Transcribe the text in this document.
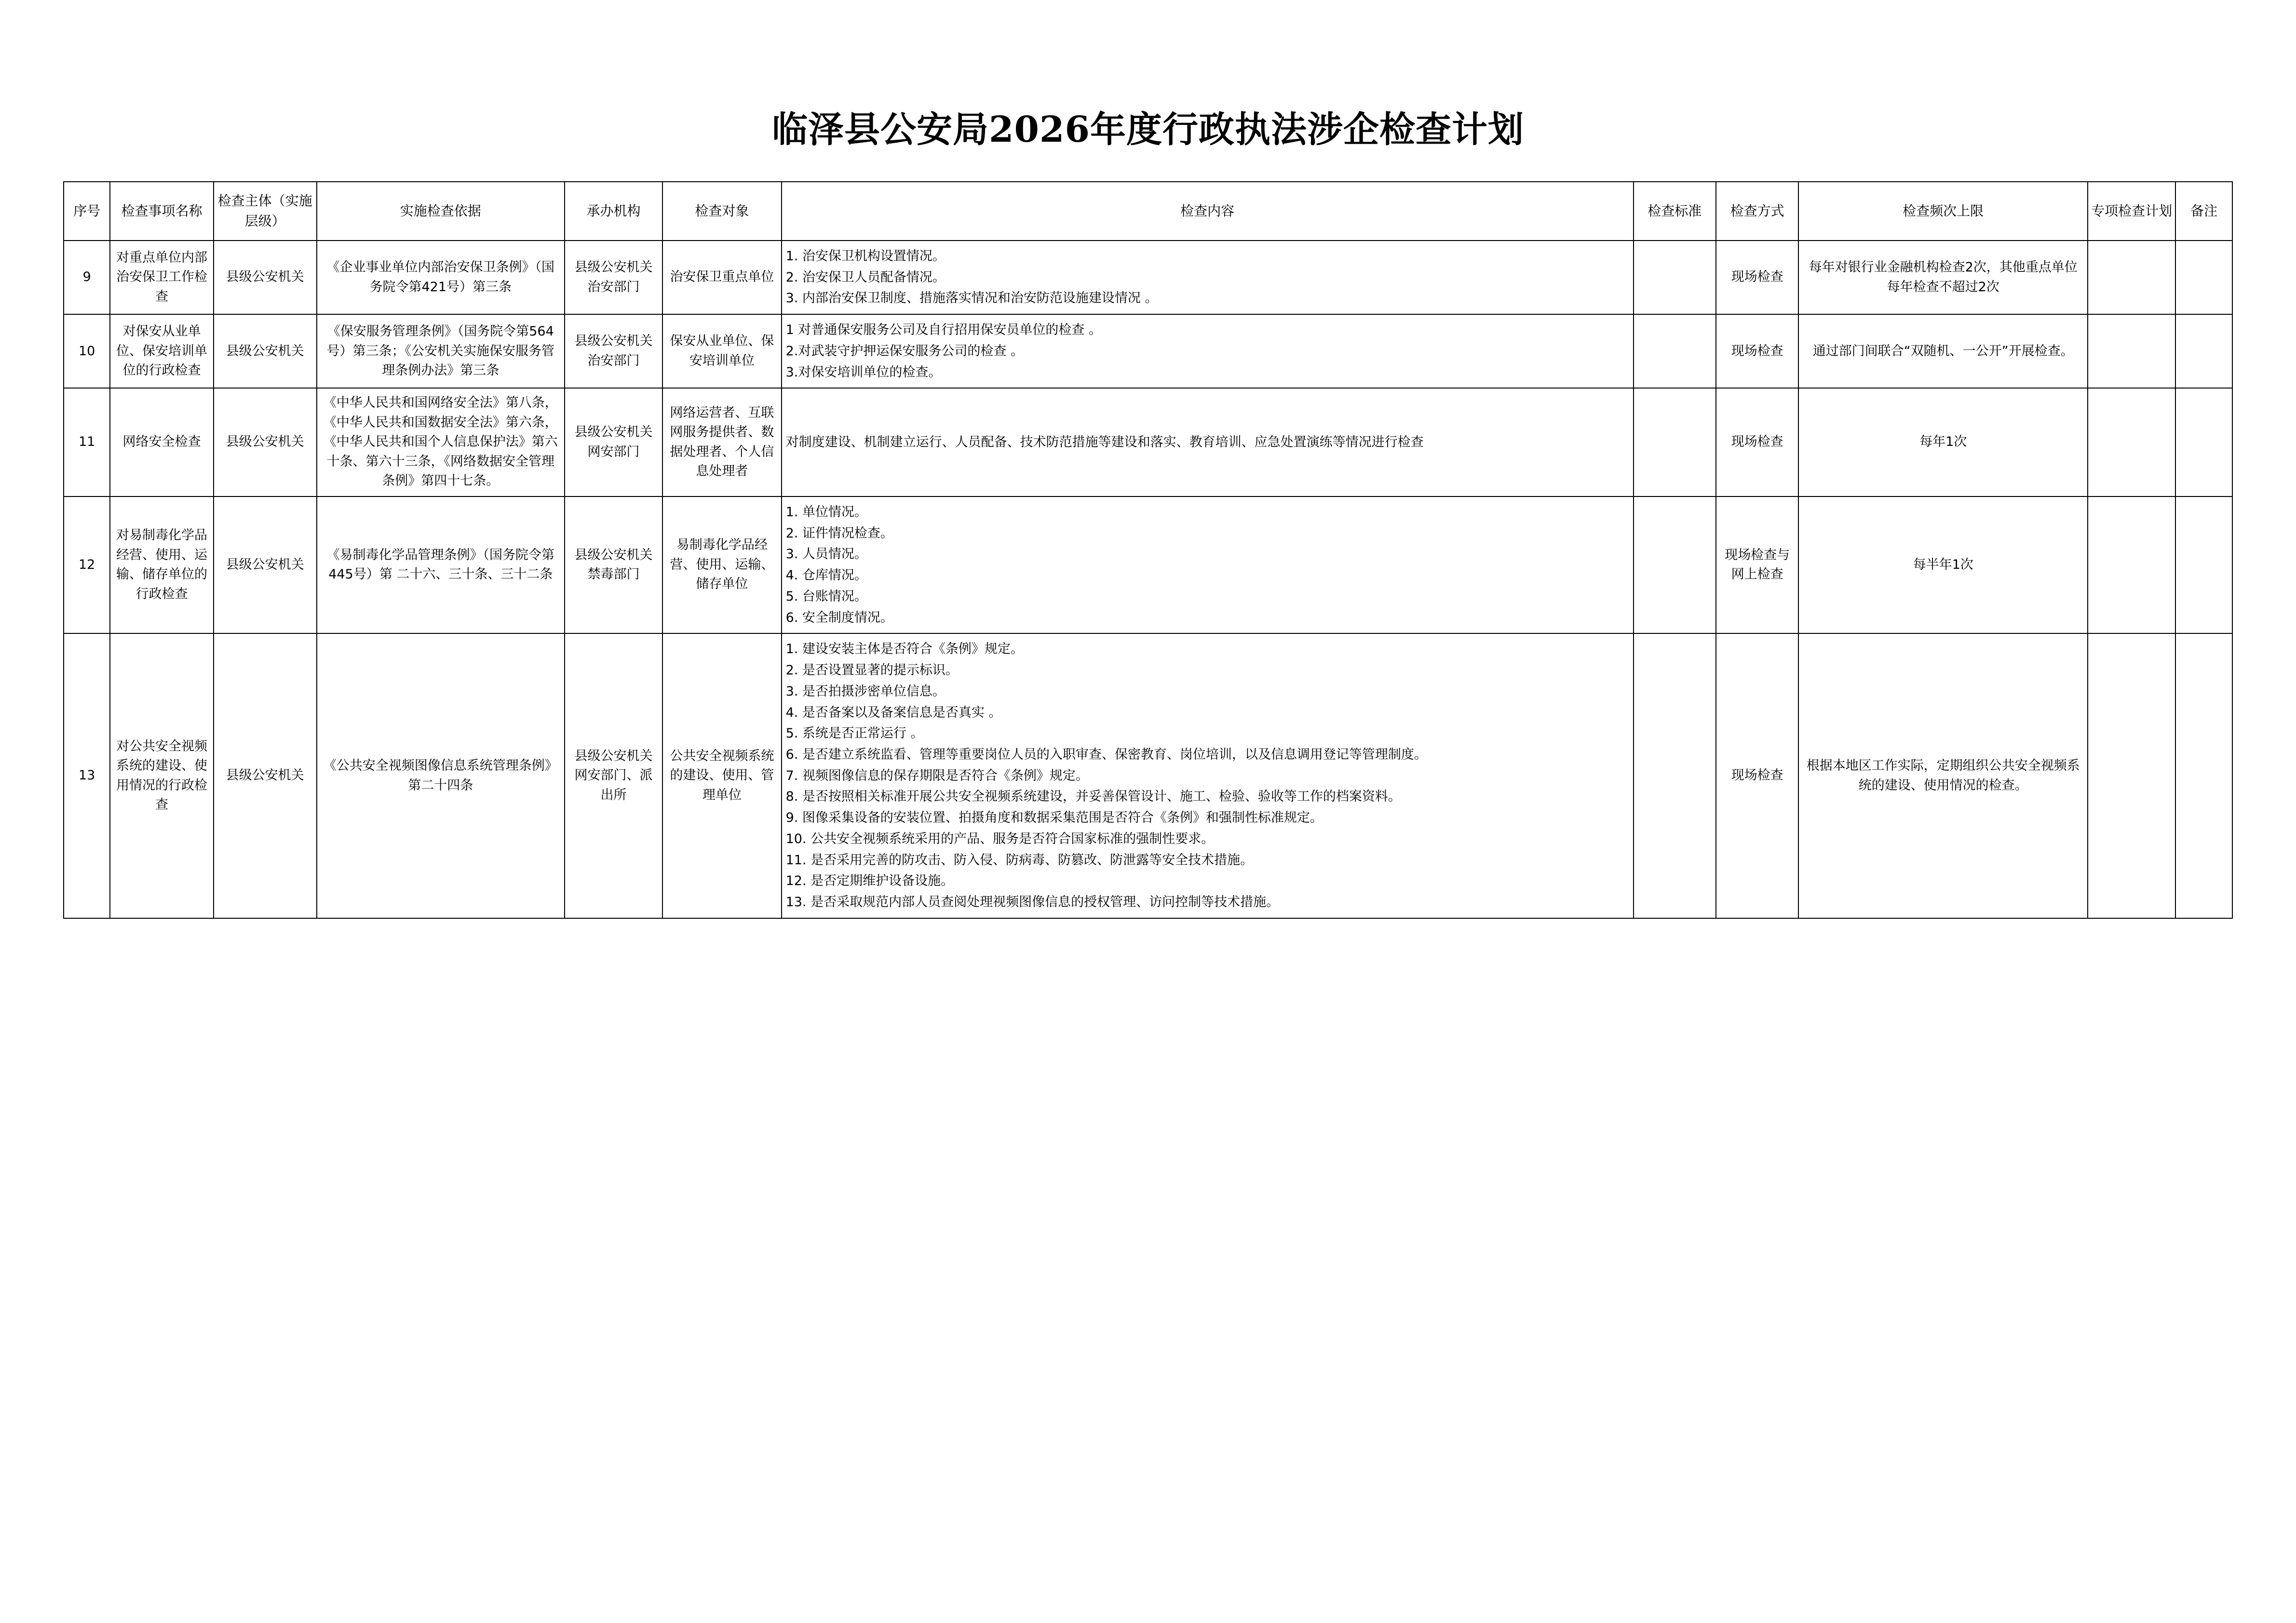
临泽县公安局2026年度行政执法涉企检查计划
序号	检查事项名称	检查主体（实施层级）	实施检查依据	承办机构	检查对象	检查内容	检查标准	检查方式	检查频次上限	专项检查计划	备注
9	对重点单位内部治安保卫工作检查	县级公安机关	《企业事业单位内部治安保卫条例》（国务院令第421号）第三条	县级公安机关治安部门	治安保卫重点单位	1. 治安保卫机构设置情况。
2. 治安保卫人员配备情况。
3. 内部治安保卫制度、措施落实情况和治安防范设施建设情况 。		现场检查	每年对银行业金融机构检查2次，其他重点单位每年检查不超过2次		
10	对保安从业单位、保安培训单位的行政检查	县级公安机关	《保安服务管理条例》（国务院令第564号）第三条；《公安机关实施保安服务管理条例办法》第三条	县级公安机关治安部门	保安从业单位、保安培训单位	1 对普通保安服务公司及自行招用保安员单位的检查 。
2.对武装守护押运保安服务公司的检查 。
3.对保安培训单位的检查。		现场检查	通过部门间联合“双随机、一公开”开展检查。		
11	网络安全检查	县级公安机关	《中华人民共和国网络安全法》第八条，《中华人民共和国数据安全法》第六条，《中华人民共和国个人信息保护法》第六十条、第六十三条，《网络数据安全管理条例》第四十七条。	县级公安机关网安部门	网络运营者、互联网服务提供者、数据处理者、个人信息处理者	对制度建设、机制建立运行、人员配备、技术防范措施等建设和落实、教育培训、应急处置演练等情况进行检查		现场检查	每年1次		
12	对易制毒化学品经营、使用、运输、储存单位的行政检查	县级公安机关	《易制毒化学品管理条例》（国务院令第445号）第 二十六、三十条、三十二条	县级公安机关禁毒部门	易制毒化学品经营、使用、运输、储存单位	
1. 单位情况。
2. 证件情况检查。
3. 人员情况。
4. 仓库情况。
5. 台账情况。
6. 安全制度情况。
		现场检查与网上检查	每半年1次		
13	对公共安全视频系统的建设、使用情况的行政检查	县级公安机关	《公共安全视频图像信息系统管理条例》第二十四条	县级公安机关网安部门、派出所	公共安全视频系统的建设、使用、管理单位	
1. 建设安装主体是否符合《条例》规定。
2. 是否设置显著的提示标识。
3. 是否拍摄涉密单位信息。
4. 是否备案以及备案信息是否真实 。
5. 系统是否正常运行 。
6. 是否建立系统监看、管理等重要岗位人员的入职审查、保密教育、岗位培训，以及信息调用登记等管理制度。
7. 视频图像信息的保存期限是否符合《条例》规定。
8. 是否按照相关标准开展公共安全视频系统建设，并妥善保管设计、施工、检验、验收等工作的档案资料。
9. 图像采集设备的安装位置、拍摄角度和数据采集范围是否符合《条例》和强制性标准规定。
10. 公共安全视频系统采用的产品、服务是否符合国家标准的强制性要求。
11. 是否采用完善的防攻击、防入侵、防病毒、防篡改、防泄露等安全技术措施。
12. 是否定期维护设备设施。
13. 是否采取规范内部人员查阅处理视频图像信息的授权管理、访问控制等技术措施。
		现场检查	根据本地区工作实际，定期组织公共安全视频系统的建设、使用情况的检查。		
